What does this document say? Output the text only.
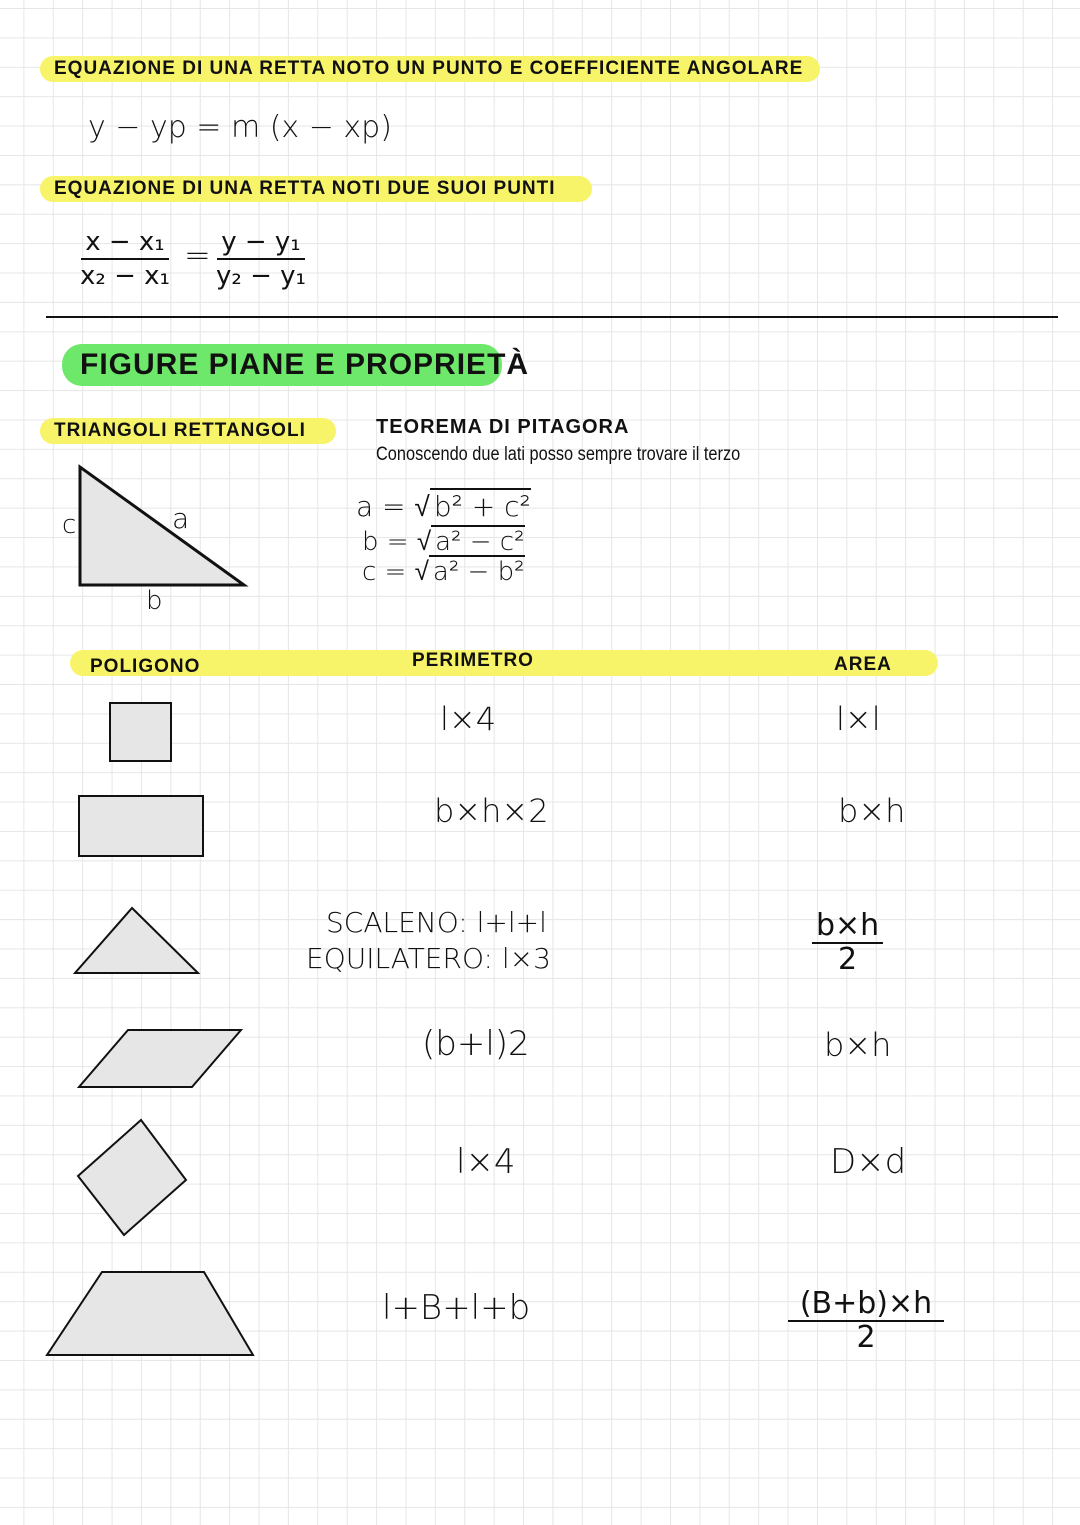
EQUAZIONE DI UNA RETTA NOTO UN PUNTO E COEFFICIENTE ANGOLARE
y − yp = m (x − xp)
EQUAZIONE DI UNA RETTA NOTI DUE SUOI PUNTI
$\frac{\text{x − x₁}}{\text{x₂ − x₁}} = \frac{\text{y − y₁}}{\text{y₂ − y₁}}$
FIGURE PIANE E PROPRIETÀ
TRIANGOLI RETTANGOLI
c	a
b
TEOREMA DI PITAGORA
Conoscendo due lati posso sempre trovare il terzo
a = √ b² + c²
b = √ a² − c²
c = √ a² − b²
POLIGONO	PERIMETRO	AREA
l×4	l×l
b×h×2	b×h
SCALENO: l+l+l
EQUILATERO: l×3	$\frac{b\times h}{2}$
(b+l)2	b×h
l×4	D×d
l+B+l+b	$\frac{(B+b)\times h}{2}$
